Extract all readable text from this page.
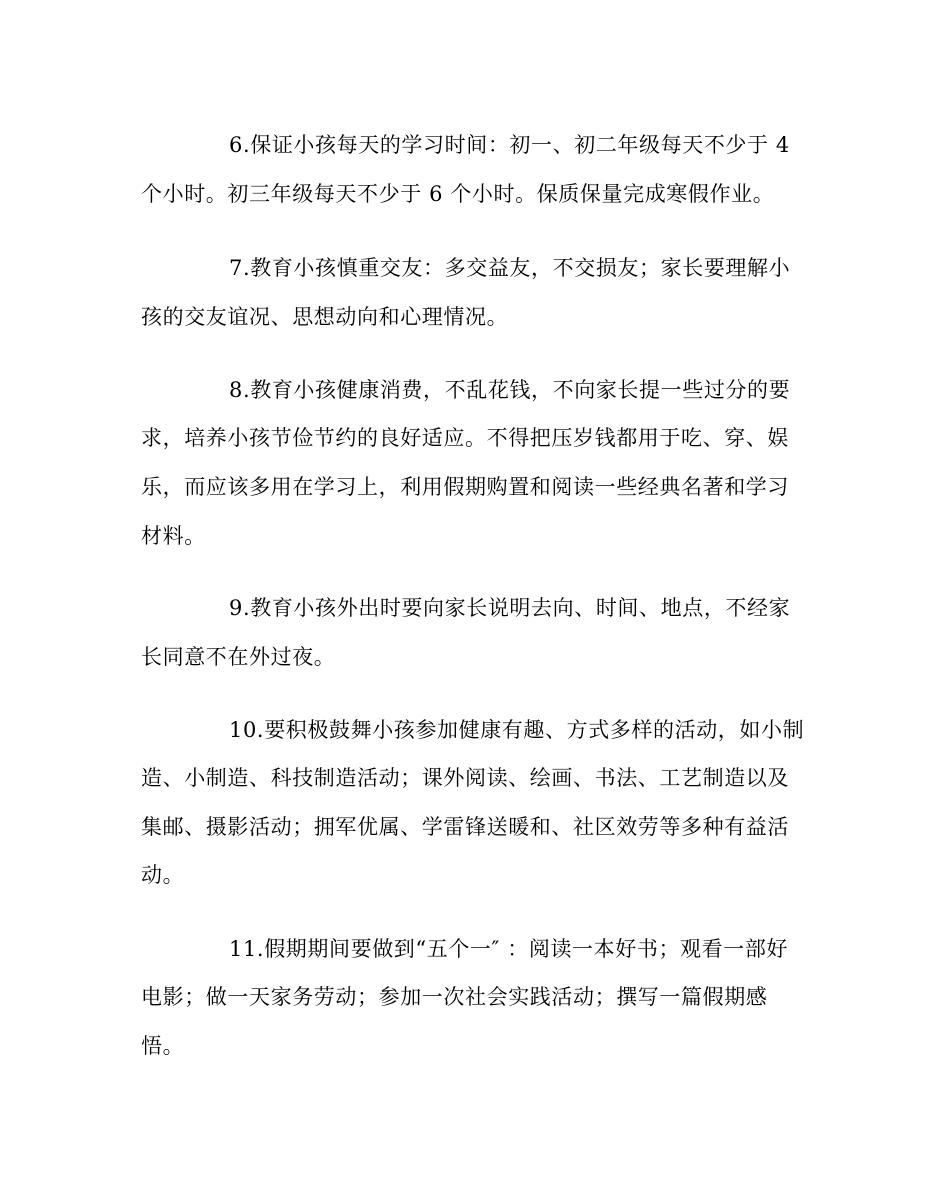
6.保证小孩每天的学习时间：初一、初二年级每天不少于 4
个小时。初三年级每天不少于 6 个小时。保质保量完成寒假作业。
7.教育小孩慎重交友：多交益友，不交损友；家长要理解小
孩的交友谊况、思想动向和心理情况。
8.教育小孩健康消费，不乱花钱，不向家长提一些过分的要
求，培养小孩节俭节约的良好适应。不得把压岁钱都用于吃、穿、娱
乐，而应该多用在学习上，利用假期购置和阅读一些经典名著和学习
材料。
9.教育小孩外出时要向家长说明去向、时间、地点，不经家
长同意不在外过夜。
10.要积极鼓舞小孩参加健康有趣、方式多样的活动，如小制
造、小制造、科技制造活动；课外阅读、绘画、书法、工艺制造以及
集邮、摄影活动；拥军优属、学雷锋送暖和、社区效劳等多种有益活
动。
11.假期期间要做到“五个一″ ：阅读一本好书；观看一部好
电影；做一天家务劳动；参加一次社会实践活动；撰写一篇假期感
悟。
